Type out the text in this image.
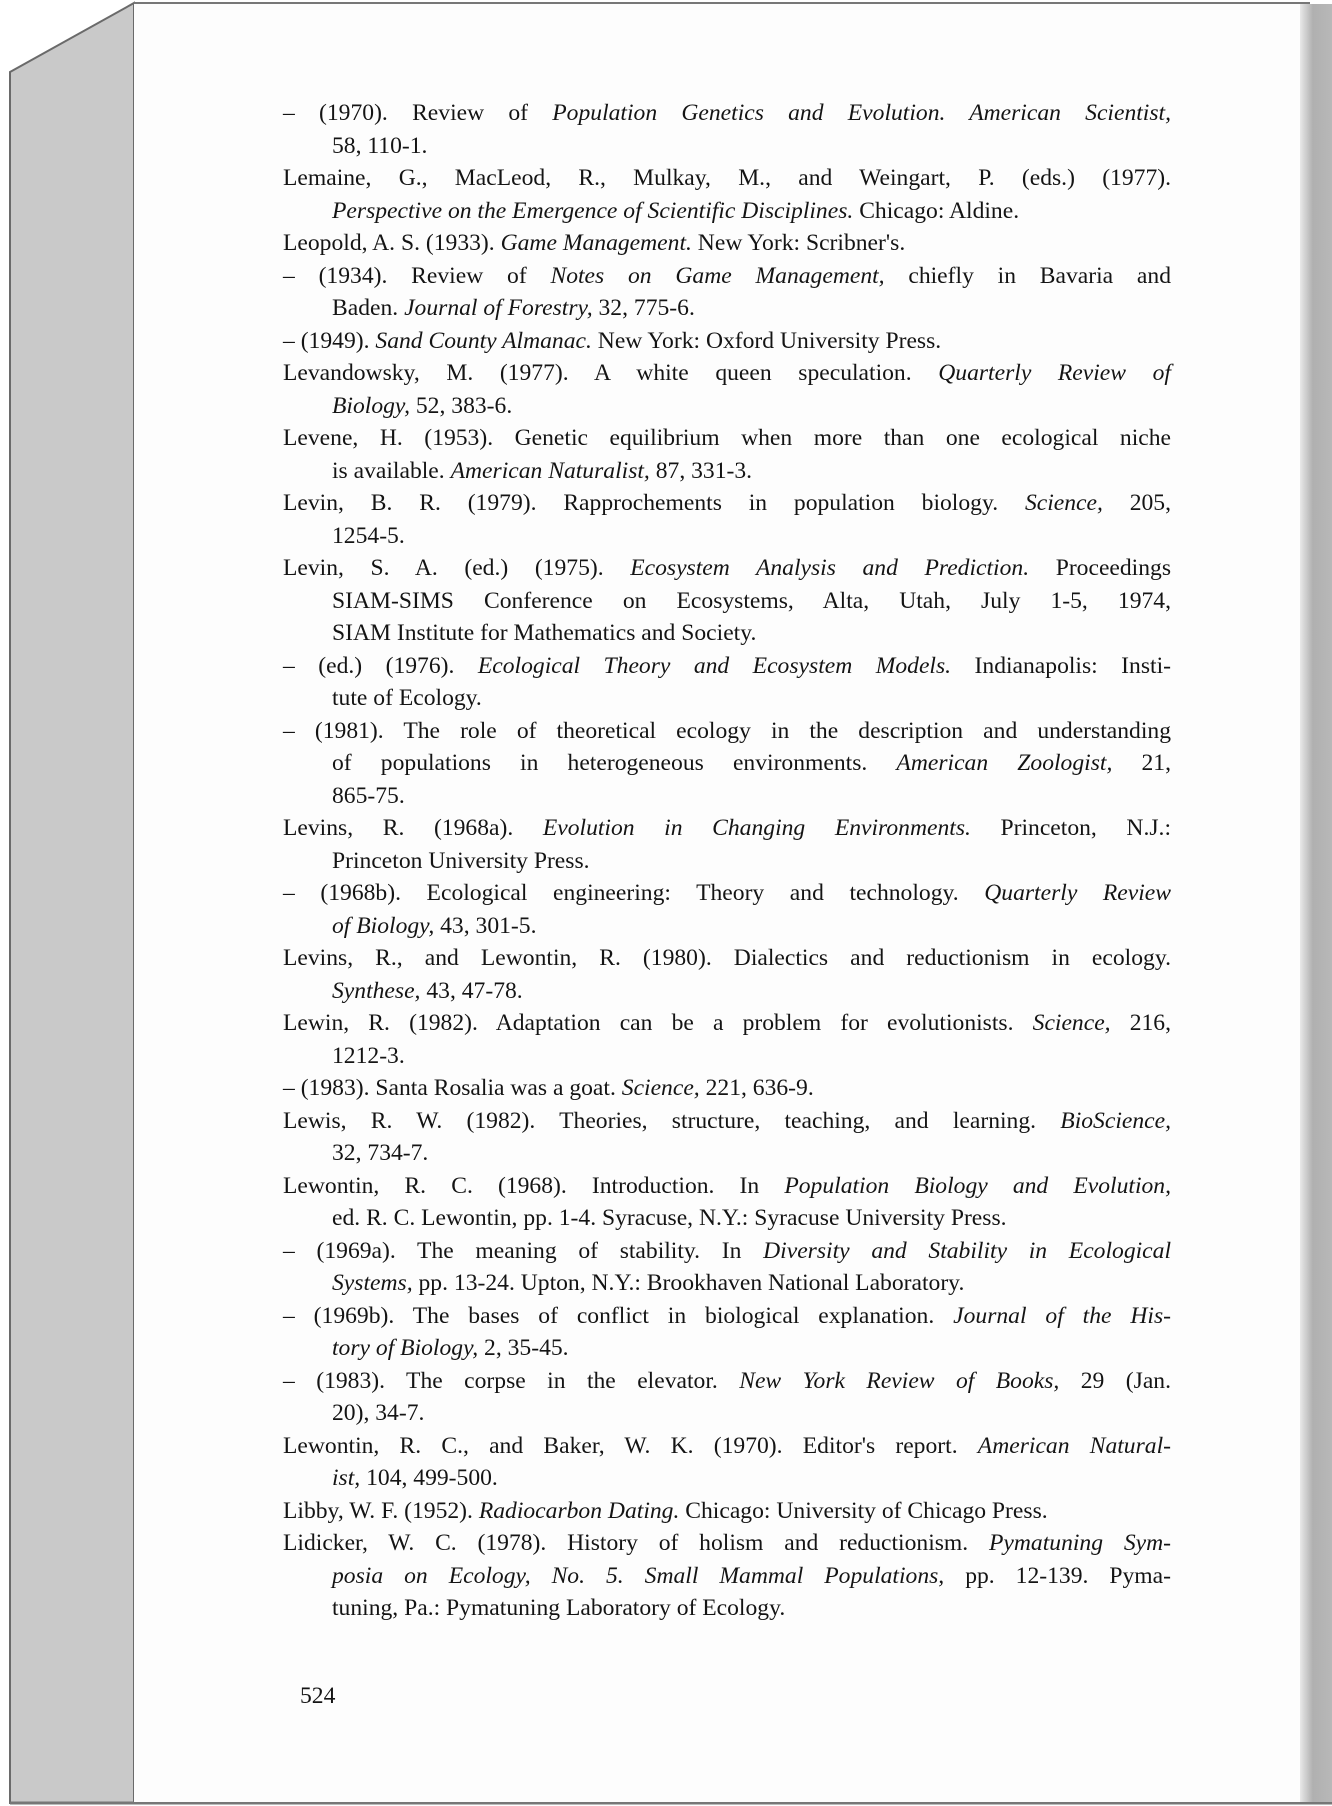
– (1970). Review of Population Genetics and Evolution. American Scientist,
58, 110-1.
Lemaine, G., MacLeod, R., Mulkay, M., and Weingart, P. (eds.) (1977).
Perspective on the Emergence of Scientific Disciplines. Chicago: Aldine.
Leopold, A. S. (1933). Game Management. New York: Scribner's.
– (1934). Review of Notes on Game Management, chiefly in Bavaria and
Baden. Journal of Forestry, 32, 775-6.
– (1949). Sand County Almanac. New York: Oxford University Press.
Levandowsky, M. (1977). A white queen speculation. Quarterly Review of
Biology, 52, 383-6.
Levene, H. (1953). Genetic equilibrium when more than one ecological niche
is available. American Naturalist, 87, 331-3.
Levin, B. R. (1979). Rapprochements in population biology. Science, 205,
1254-5.
Levin, S. A. (ed.) (1975). Ecosystem Analysis and Prediction. Proceedings
SIAM-SIMS Conference on Ecosystems, Alta, Utah, July 1-5, 1974,
SIAM Institute for Mathematics and Society.
– (ed.) (1976). Ecological Theory and Ecosystem Models. Indianapolis: Insti-
tute of Ecology.
– (1981). The role of theoretical ecology in the description and understanding
of populations in heterogeneous environments. American Zoologist, 21,
865-75.
Levins, R. (1968a). Evolution in Changing Environments. Princeton, N.J.:
Princeton University Press.
– (1968b). Ecological engineering: Theory and technology. Quarterly Review
of Biology, 43, 301-5.
Levins, R., and Lewontin, R. (1980). Dialectics and reductionism in ecology.
Synthese, 43, 47-78.
Lewin, R. (1982). Adaptation can be a problem for evolutionists. Science, 216,
1212-3.
– (1983). Santa Rosalia was a goat. Science, 221, 636-9.
Lewis, R. W. (1982). Theories, structure, teaching, and learning. BioScience,
32, 734-7.
Lewontin, R. C. (1968). Introduction. In Population Biology and Evolution,
ed. R. C. Lewontin, pp. 1-4. Syracuse, N.Y.: Syracuse University Press.
– (1969a). The meaning of stability. In Diversity and Stability in Ecological
Systems, pp. 13-24. Upton, N.Y.: Brookhaven National Laboratory.
– (1969b). The bases of conflict in biological explanation. Journal of the His-
tory of Biology, 2, 35-45.
– (1983). The corpse in the elevator. New York Review of Books, 29 (Jan.
20), 34-7.
Lewontin, R. C., and Baker, W. K. (1970). Editor's report. American Natural-
ist, 104, 499-500.
Libby, W. F. (1952). Radiocarbon Dating. Chicago: University of Chicago Press.
Lidicker, W. C. (1978). History of holism and reductionism. Pymatuning Sym-
posia on Ecology, No. 5. Small Mammal Populations, pp. 12-139. Pyma-
tuning, Pa.: Pymatuning Laboratory of Ecology.
524
